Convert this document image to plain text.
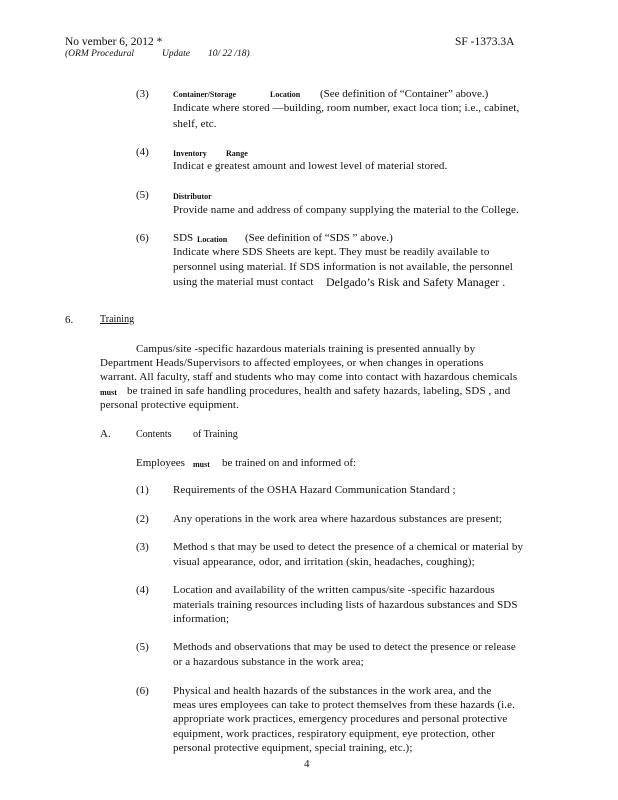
No vember 6, 2012 *	SF -1373.3A
(ORM Procedural	Update 10/ 22 /18)
(3)	Container/Storage	Location (See definition of “Container” above.)
Indicate where stored —building, room number, exact loca tion; i.e., cabinet,
shelf, etc.
(4)	Inventory Range
Indicat e greatest amount and lowest level of material stored.
(5)	Distributor
Provide name and address of company supplying the material to the College.
(6) SDS Location (See definition of “SDS ” above.)
Indicate where SDS Sheets are kept. They must be readily available to
personnel using material. If SDS information is not available, the personnel
using the material must contact Delgado’s Risk and Safety Manager .
6.	Training
Campus/site -specific hazardous materials training is presented annually by
Department Heads/Supervisors to affected employees, or when changes in operations
warrant. All faculty, staff and students who may come into contact with hazardous chemicals
must be trained in safe handling procedures, health and safety hazards, labeling, SDS , and
personal protective equipment.
A.	Contents of Training
Employees must be trained on and informed of:
(1) Requirements of the OSHA Hazard Communication Standard ;
(2) Any operations in the work area where hazardous substances are present;
(3) Method s that may be used to detect the presence of a chemical or material by
visual appearance, odor, and irritation (skin, headaches, coughing);
(4) Location and availability of the written campus/site -specific hazardous
materials training resources including lists of hazardous substances and SDS
information;
(5) Methods and observations that may be used to detect the presence or release
or a hazardous substance in the work area;
(6) Physical and health hazards of the substances in the work area, and the
meas ures employees can take to protect themselves from these hazards (i.e.
appropriate work practices, emergency procedures and personal protective
equipment, work practices, respiratory equipment, eye protection, other
personal protective equipment, special training, etc.);
4
